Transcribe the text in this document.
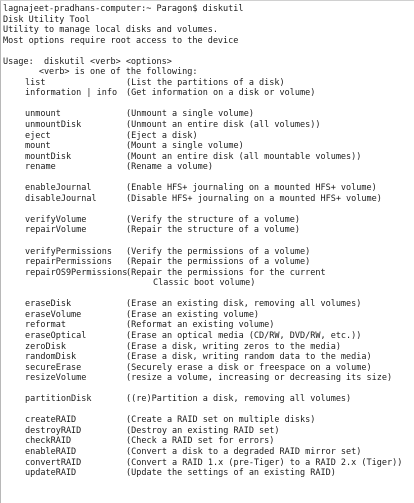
lagnajeet-pradhans-computer:~ Paragon$ diskutil
Disk Utility Tool
Utility to manage local disks and volumes.
Most options require root access to the device
Usage:  diskutil <verb> <options>
<verb> is one of the following:
list	(List the partitions of a disk)
information | info	(Get information on a disk or volume)
unmount	(Unmount a single volume)
unmountDisk	(Unmount an entire disk (all volumes))
eject	(Eject a disk)
mount	(Mount a single volume)
mountDisk	(Mount an entire disk (all mountable volumes))
rename	(Rename a volume)
enableJournal	(Enable HFS+ journaling on a mounted HFS+ volume)
disableJournal	(Disable HFS+ journaling on a mounted HFS+ volume)
verifyVolume	(Verify the structure of a volume)
repairVolume	(Repair the structure of a volume)
verifyPermissions	(Verify the permissions of a volume)
repairPermissions	(Repair the permissions of a volume)
repairOS9Permissions
(Repair the permissions for the current
Classic boot volume)
eraseDisk	(Erase an existing disk, removing all volumes)
eraseVolume	(Erase an existing volume)
reformat	(Reformat an existing volume)
eraseOptical	(Erase an optical media (CD/RW, DVD/RW, etc.))
zeroDisk	(Erase a disk, writing zeros to the media)
randomDisk	(Erase a disk, writing random data to the media)
secureErase	(Securely erase a disk or freespace on a volume)
resizeVolume	(resize a volume, increasing or decreasing its size)
partitionDisk	((re)Partition a disk, removing all volumes)
createRAID	(Create a RAID set on multiple disks)
destroyRAID	(Destroy an existing RAID set)
checkRAID	(Check a RAID set for errors)
enableRAID	(Convert a disk to a degraded RAID mirror set)
convertRAID	(Convert a RAID 1.x (pre-Tiger) to a RAID 2.x (Tiger))
updateRAID	(Update the settings of an existing RAID)
